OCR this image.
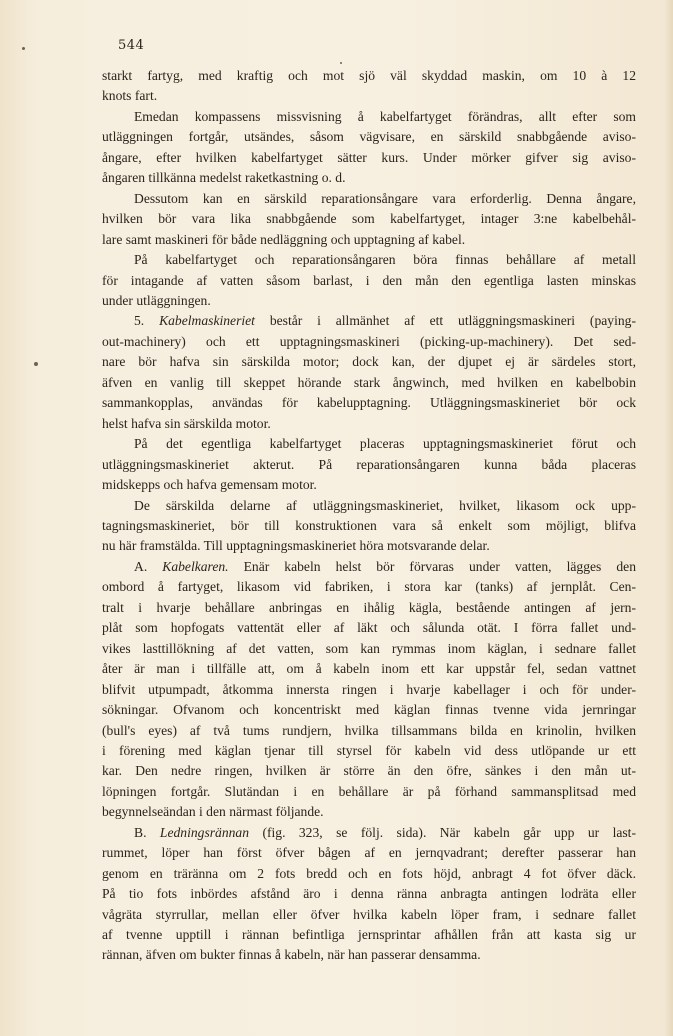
544
starkt fartyg, med kraftig och mot sjö väl skyddad maskin, om 10 à 12
knots fart.
Emedan kompassens missvisning å kabelfartyget förändras, allt efter som
utläggningen fortgår, utsändes, såsom vägvisare, en särskild snabbgående aviso-
ångare, efter hvilken kabelfartyget sätter kurs. Under mörker gifver sig aviso-
ångaren tillkänna medelst raketkastning o. d.
Dessutom kan en särskild reparationsångare vara erforderlig. Denna ångare,
hvilken bör vara lika snabbgående som kabelfartyget, intager 3:ne kabelbehål-
lare samt maskineri för både nedläggning och upptagning af kabel.
På kabelfartyget och reparationsångaren böra finnas behållare af metall
för intagande af vatten såsom barlast, i den mån den egentliga lasten minskas
under utläggningen.
5. Kabelmaskineriet består i allmänhet af ett utläggningsmaskineri (paying-
out-machinery) och ett upptagningsmaskineri (picking-up-machinery). Det sed-
nare bör hafva sin särskilda motor; dock kan, der djupet ej är särdeles stort,
äfven en vanlig till skeppet hörande stark ångwinch, med hvilken en kabelbobin
sammankopplas, användas för kabelupptagning. Utläggningsmaskineriet bör ock
helst hafva sin särskilda motor.
På det egentliga kabelfartyget placeras upptagningsmaskineriet förut och
utläggningsmaskineriet akterut. På reparationsångaren kunna båda placeras
midskepps och hafva gemensam motor.
De särskilda delarne af utläggningsmaskineriet, hvilket, likasom ock upp-
tagningsmaskineriet, bör till konstruktionen vara så enkelt som möjligt, blifva
nu här framstälda. Till upptagningsmaskineriet höra motsvarande delar.
A. Kabelkaren. Enär kabeln helst bör förvaras under vatten, lägges den
ombord å fartyget, likasom vid fabriken, i stora kar (tanks) af jernplåt. Cen-
tralt i hvarje behållare anbringas en ihålig kägla, bestående antingen af jern-
plåt som hopfogats vattentät eller af läkt och sålunda otät. I förra fallet und-
vikes lasttillökning af det vatten, som kan rymmas inom käglan, i sednare fallet
åter är man i tillfälle att, om å kabeln inom ett kar uppstår fel, sedan vattnet
blifvit utpumpadt, åtkomma innersta ringen i hvarje kabellager i och för under-
sökningar. Ofvanom och koncentriskt med käglan finnas tvenne vida jernringar
(bull's eyes) af två tums rundjern, hvilka tillsammans bilda en krinolin, hvilken
i förening med käglan tjenar till styrsel för kabeln vid dess utlöpande ur ett
kar. Den nedre ringen, hvilken är större än den öfre, sänkes i den mån ut-
löpningen fortgår. Slutändan i en behållare är på förhand sammansplitsad med
begynnelseändan i den närmast följande.
B. Ledningsrännan (fig. 323, se följ. sida). När kabeln går upp ur last-
rummet, löper han först öfver bågen af en jernqvadrant; derefter passerar han
genom en träränna om 2 fots bredd och en fots höjd, anbragt 4 fot öfver däck.
På tio fots inbördes afstånd äro i denna ränna anbragta antingen lodräta eller
vågräta styrrullar, mellan eller öfver hvilka kabeln löper fram, i sednare fallet
af tvenne upptill i rännan befintliga jernsprintar afhållen från att kasta sig ur
rännan, äfven om bukter finnas å kabeln, när han passerar densamma.
